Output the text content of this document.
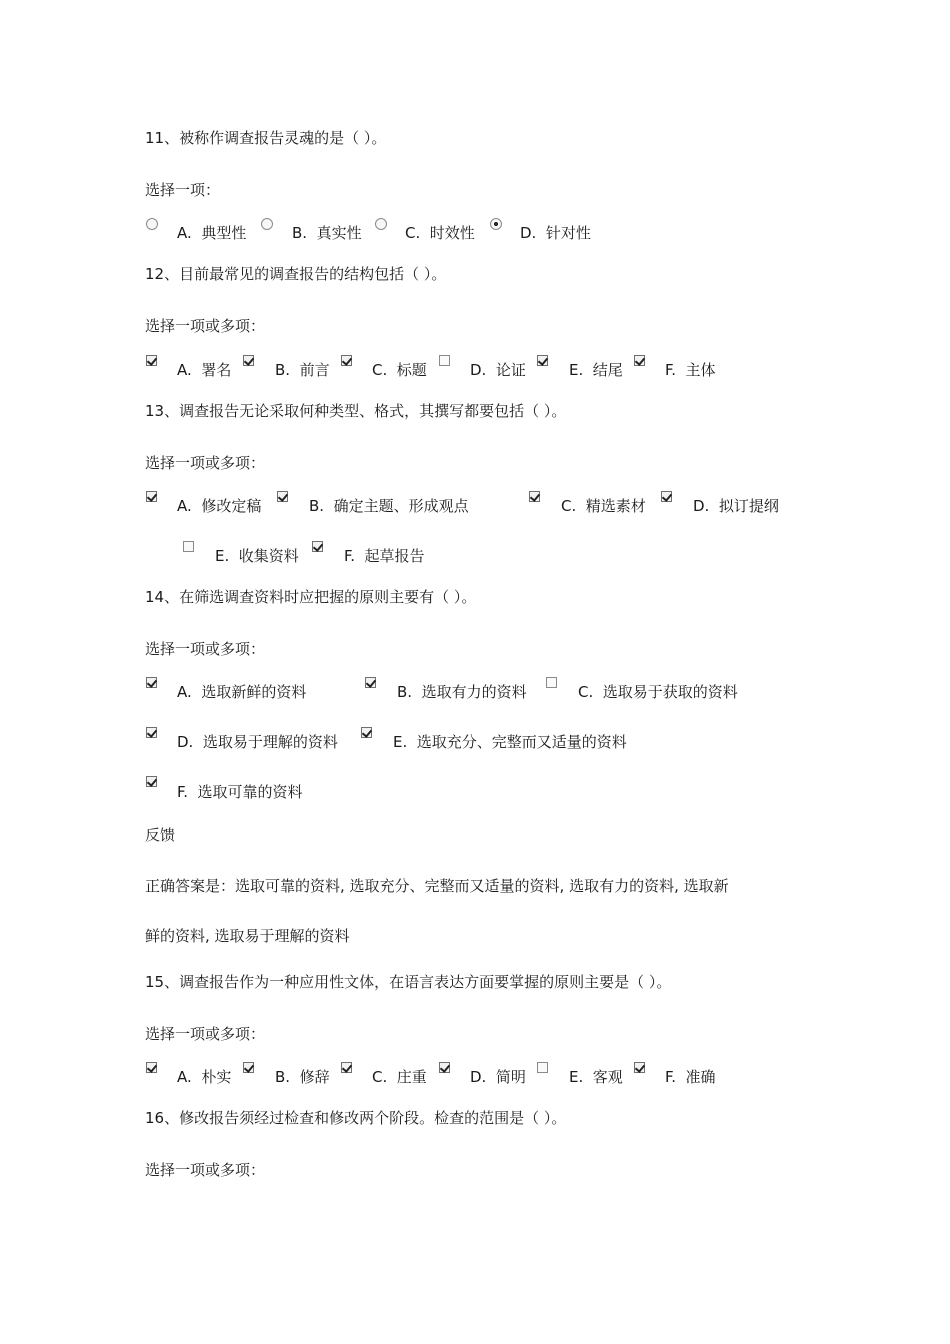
11、被称作调查报告灵魂的是（ ）。
选择一项：
A. 典型性	B. 真实性	C. 时效性	D. 针对性
12、目前最常见的调查报告的结构包括（ ）。
选择一项或多项：
A. 署名	B. 前言	C. 标题	D. 论证	E. 结尾	F. 主体
13、调查报告无论采取何种类型、格式，其撰写都要包括（ ）。
选择一项或多项：
A. 修改定稿	B. 确定主题、形成观点	C. 精选素材	D. 拟订提纲
E. 收集资料	F. 起草报告
14、在筛选调查资料时应把握的原则主要有（ ）。
选择一项或多项：
A. 选取新鲜的资料	B. 选取有力的资料	C. 选取易于获取的资料
D. 选取易于理解的资料	E. 选取充分、完整而又适量的资料
F. 选取可靠的资料
反馈
正确答案是：选取可靠的资料, 选取充分、完整而又适量的资料, 选取有力的资料, 选取新
鲜的资料, 选取易于理解的资料
15、调查报告作为一种应用性文体，在语言表达方面要掌握的原则主要是（ ）。
选择一项或多项：
A. 朴实	B. 修辞	C. 庄重	D. 简明	E. 客观	F. 准确
16、修改报告须经过检查和修改两个阶段。检查的范围是（ ）。
选择一项或多项：
